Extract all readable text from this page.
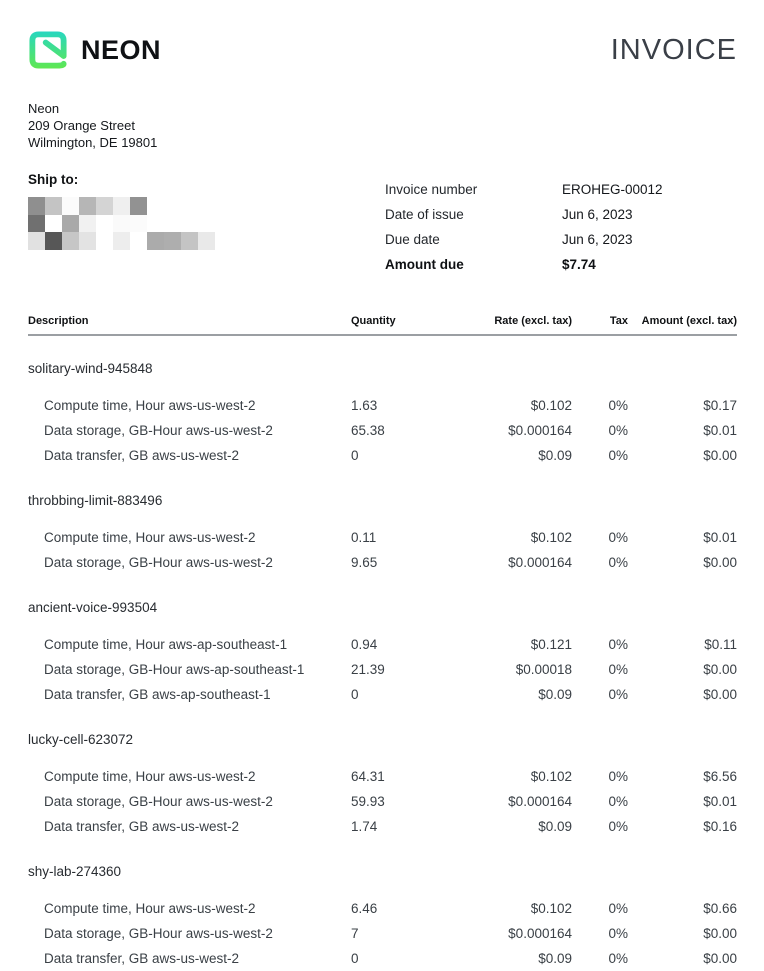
NEON	INVOICE
Neon
209 Orange Street
Wilmington, DE 19801
Ship to:
Invoice number	EROHEG-00012
Date of issue	Jun 6, 2023
Due date	Jun 6, 2023
Amount due	$7.74
Description	Quantity	Rate (excl. tax)	Tax	Amount (excl. tax)
solitary-wind-945848
Compute time, Hour aws-us-west-2	1.63	$0.102	0%	$0.17
Data storage, GB-Hour aws-us-west-2	65.38	$0.000164	0%	$0.01
Data transfer, GB aws-us-west-2	0	$0.09	0%	$0.00
throbbing-limit-883496
Compute time, Hour aws-us-west-2	0.11	$0.102	0%	$0.01
Data storage, GB-Hour aws-us-west-2	9.65	$0.000164	0%	$0.00
ancient-voice-993504
Compute time, Hour aws-ap-southeast-1	0.94	$0.121	0%	$0.11
Data storage, GB-Hour aws-ap-southeast-1	21.39	$0.00018	0%	$0.00
Data transfer, GB aws-ap-southeast-1	0	$0.09	0%	$0.00
lucky-cell-623072
Compute time, Hour aws-us-west-2	64.31	$0.102	0%	$6.56
Data storage, GB-Hour aws-us-west-2	59.93	$0.000164	0%	$0.01
Data transfer, GB aws-us-west-2	1.74	$0.09	0%	$0.16
shy-lab-274360
Compute time, Hour aws-us-west-2	6.46	$0.102	0%	$0.66
Data storage, GB-Hour aws-us-west-2	7	$0.000164	0%	$0.00
Data transfer, GB aws-us-west-2	0	$0.09	0%	$0.00
